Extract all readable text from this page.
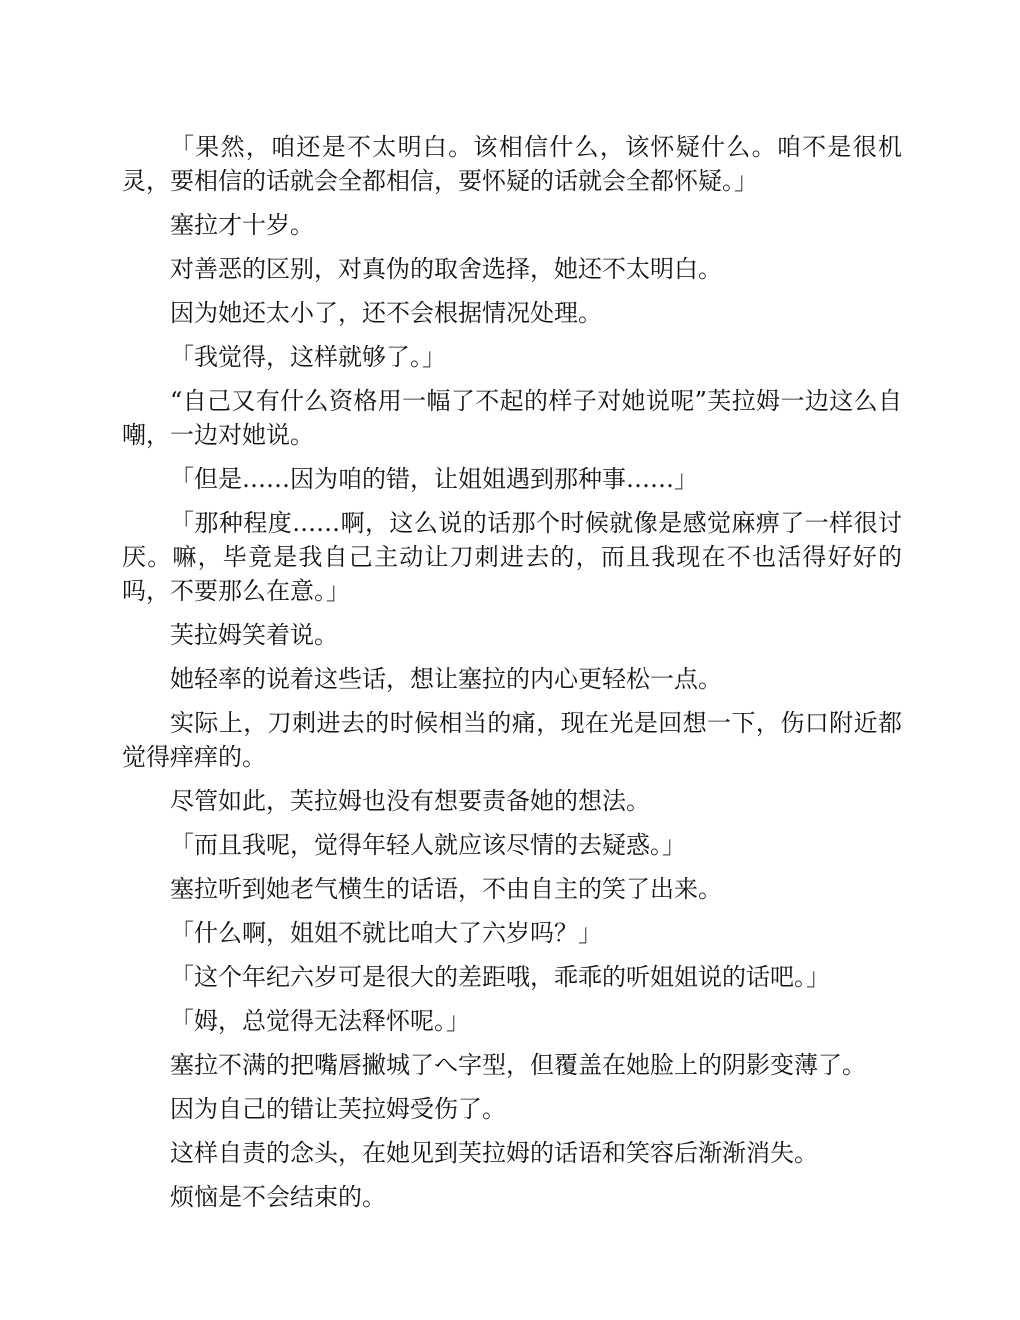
「果然，咱还是不太明白。该相信什么，该怀疑什么。咱不是很机灵，要相信的话就会全都相信，要怀疑的话就会全都怀疑。」

塞拉才十岁。

对善恶的区别，对真伪的取舍选择，她还不太明白。

因为她还太小了，还不会根据情况处理。

「我觉得，这样就够了。」

“自己又有什么资格用一幅了不起的样子对她说呢”芙拉姆一边这么自嘲，一边对她说。

「但是……因为咱的错，让姐姐遇到那种事……」

「那种程度……啊，这么说的话那个时候就像是感觉麻痹了一样很讨厌。嘛，毕竟是我自己主动让刀刺进去的，而且我现在不也活得好好的吗，不要那么在意。」

芙拉姆笑着说。

她轻率的说着这些话，想让塞拉的内心更轻松一点。

实际上，刀刺进去的时候相当的痛，现在光是回想一下，伤口附近都觉得痒痒的。

尽管如此，芙拉姆也没有想要责备她的想法。

「而且我呢，觉得年轻人就应该尽情的去疑惑。」

塞拉听到她老气横生的话语，不由自主的笑了出来。

「什么啊，姐姐不就比咱大了六岁吗？」

「这个年纪六岁可是很大的差距哦，乖乖的听姐姐说的话吧。」

「姆，总觉得无法释怀呢。」

塞拉不满的把嘴唇撇城了へ字型，但覆盖在她脸上的阴影变薄了。

因为自己的错让芙拉姆受伤了。

这样自责的念头，在她见到芙拉姆的话语和笑容后渐渐消失。

烦恼是不会结束的。
